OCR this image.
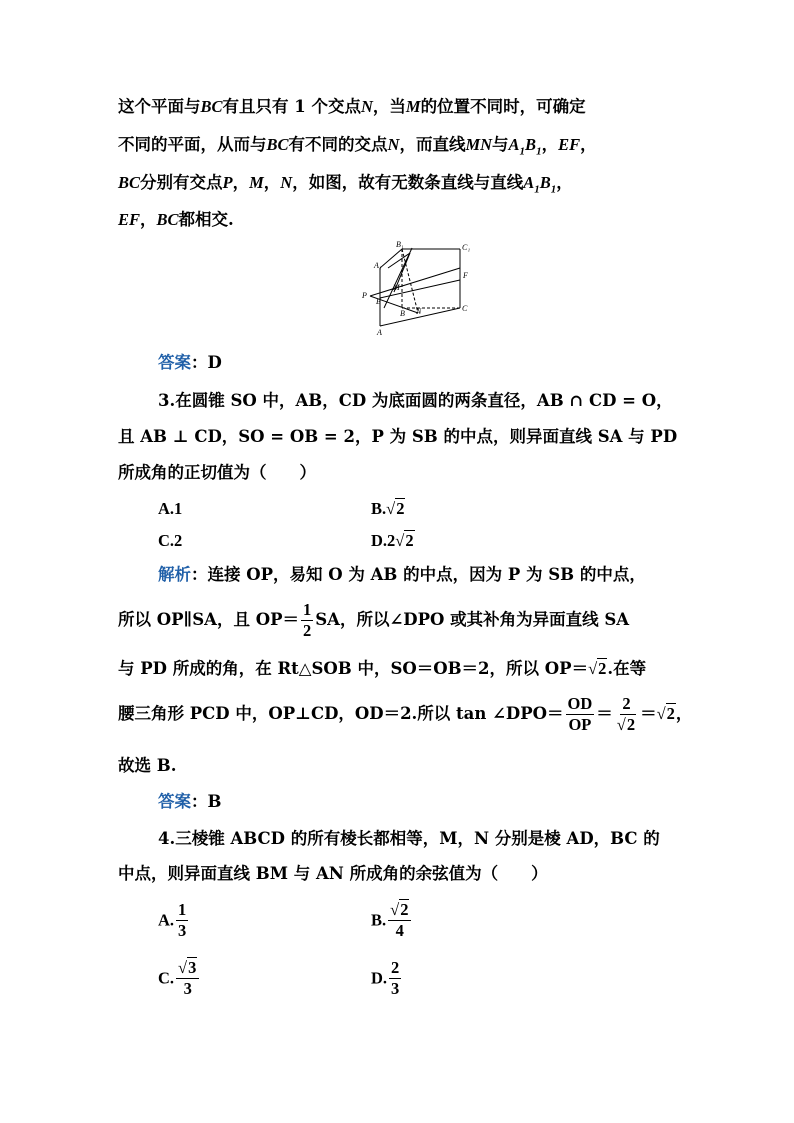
这个平面与BC有且只有 1 个交点N，当M的位置不同时，可确定
不同的平面，从而与BC有不同的交点N，而直线MN与$A_1B_1$，EF，
BC分别有交点P，M，N，如图，故有无数条直线与直线$A_1B_1$，
EF，BC都相交.
B₁	C₁
A₁
F
P
M
E
B N	C
A
答案：D
3.在圆锥 SO 中，AB，CD 为底面圆的两条直径，AB ∩ CD = O，
且 AB ⊥ CD，SO = OB = 2，P 为 SB 的中点，则异面直线 SA 与 PD
所成角的正切值为（　　）
A.1	B.√2
C.2	D.2√2
解析：连接 OP，易知 O 为 AB 的中点，因为 P 为 SB 的中点，
所以 OP∥SA，且 $OP= \frac{1}{2}$ SA，所以∠DPO 或其补角为异面直线 SA
与 PD 所成的角，在 Rt△SOB 中，SO＝OB＝2，所以 OP＝√2.在等
腰三角形 PCD 中，OP⊥CD，OD＝2.所以 tan ∠DPO＝ $\frac{OD}{OP} = \frac{2}{√2} =√2$，
故选 B.
答案：B
4.三棱锥 ABCD 的所有棱长都相等，M，N 分别是棱 AD，BC 的
中点，则异面直线 BM 与 AN 所成角的余弦值为（　　）
A. $\frac{1}{3}$	B. $\frac{√2}{4}$
C. $\frac{√3}{3}$	D. $\frac{2}{3}$
